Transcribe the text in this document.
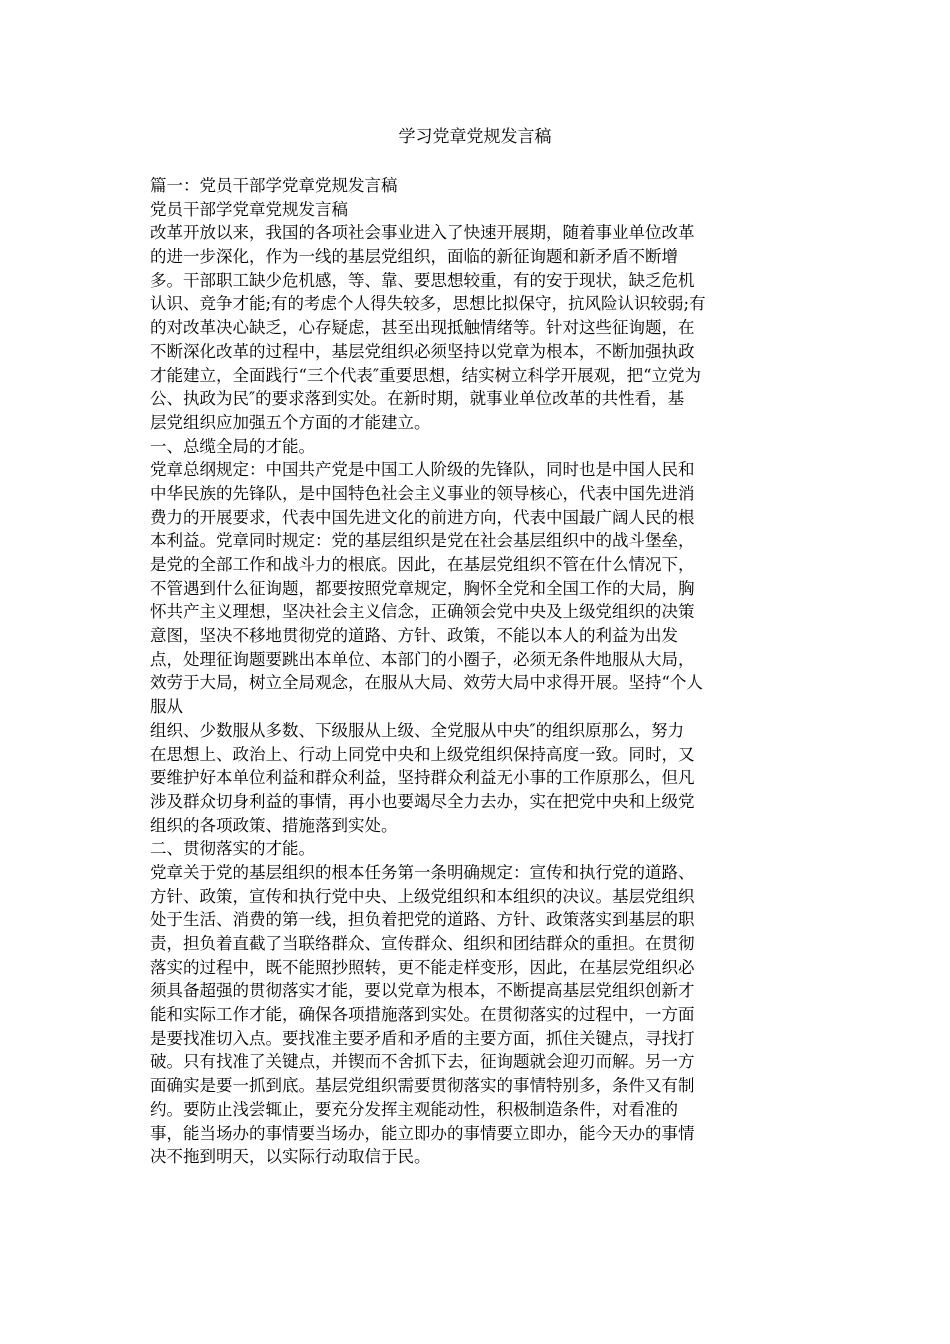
学习党章党规发言稿
篇一：党员干部学党章党规发言稿
党员干部学党章党规发言稿
改革开放以来，我国的各项社会事业进入了快速开展期，随着事业单位改革
的进一步深化，作为一线的基层党组织，面临的新征询题和新矛盾不断增
多。干部职工缺少危机感，等、靠、要思想较重，有的安于现状，缺乏危机
认识、竞争才能;有的考虑个人得失较多，思想比拟保守，抗风险认识较弱;有
的对改革决心缺乏，心存疑虑，甚至出现抵触情绪等。针对这些征询题，在
不断深化改革的过程中，基层党组织必须坚持以党章为根本，不断加强执政
才能建立，全面践行“三个代表″重要思想，结实树立科学开展观，把“立党为
公、执政为民″的要求落到实处。在新时期，就事业单位改革的共性看，基
层党组织应加强五个方面的才能建立。
一、总缆全局的才能。
党章总纲规定：中国共产党是中国工人阶级的先锋队，同时也是中国人民和
中华民族的先锋队，是中国特色社会主义事业的领导核心，代表中国先进消
费力的开展要求，代表中国先进文化的前进方向，代表中国最广阔人民的根
本利益。党章同时规定：党的基层组织是党在社会基层组织中的战斗堡垒，
是党的全部工作和战斗力的根底。因此，在基层党组织不管在什么情况下，
不管遇到什么征询题，都要按照党章规定，胸怀全党和全国工作的大局，胸
怀共产主义理想，坚决社会主义信念，正确领会党中央及上级党组织的决策
意图，坚决不移地贯彻党的道路、方针、政策，不能以本人的利益为出发
点，处理征询题要跳出本单位、本部门的小圈子，必须无条件地服从大局，
效劳于大局，树立全局观念，在服从大局、效劳大局中求得开展。坚持“个人
服从
组织、少数服从多数、下级服从上级、全党服从中央″的组织原那么，努力
在思想上、政治上、行动上同党中央和上级党组织保持高度一致。同时，又
要维护好本单位利益和群众利益，坚持群众利益无小事的工作原那么，但凡
涉及群众切身利益的事情，再小也要竭尽全力去办，实在把党中央和上级党
组织的各项政策、措施落到实处。
二、贯彻落实的才能。
党章关于党的基层组织的根本任务第一条明确规定：宣传和执行党的道路、
方针、政策，宣传和执行党中央、上级党组织和本组织的决议。基层党组织
处于生活、消费的第一线，担负着把党的道路、方针、政策落实到基层的职
责，担负着直截了当联络群众、宣传群众、组织和团结群众的重担。在贯彻
落实的过程中，既不能照抄照转，更不能走样变形，因此，在基层党组织必
须具备超强的贯彻落实才能，要以党章为根本，不断提高基层党组织创新才
能和实际工作才能，确保各项措施落到实处。在贯彻落实的过程中，一方面
是要找准切入点。要找准主要矛盾和矛盾的主要方面，抓住关键点，寻找打
破。只有找准了关键点，并锲而不舍抓下去，征询题就会迎刃而解。另一方
面确实是要一抓到底。基层党组织需要贯彻落实的事情特别多，条件又有制
约。要防止浅尝辄止，要充分发挥主观能动性，积极制造条件，对看准的
事，能当场办的事情要当场办，能立即办的事情要立即办，能今天办的事情
决不拖到明天，以实际行动取信于民。
